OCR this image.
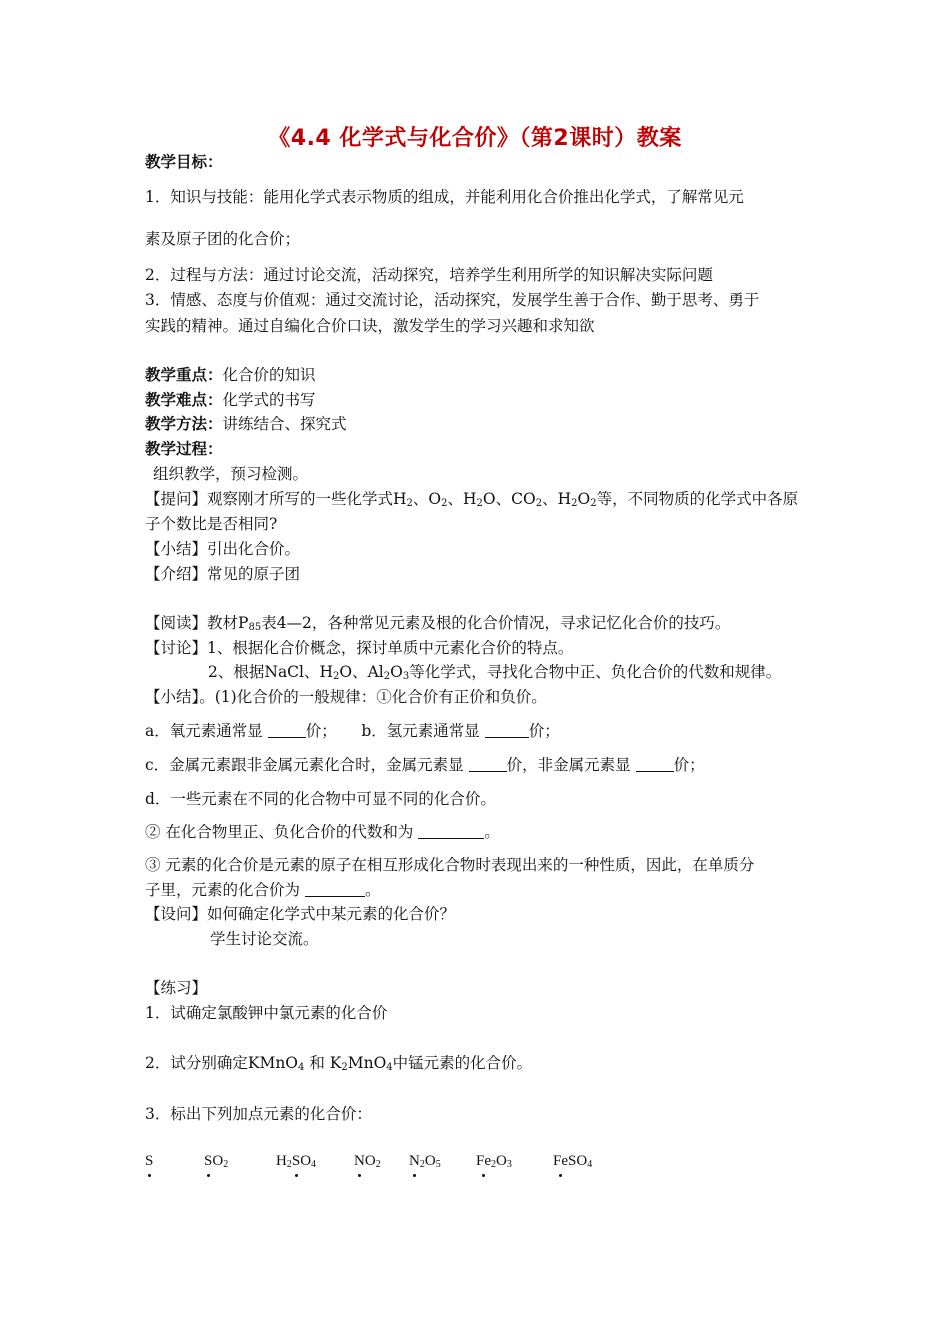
《4.4 化学式与化合价》（第2课时）教案
教学目标：
1．知识与技能：能用化学式表示物质的组成，并能利用化合价推出化学式，了解常见元
素及原子团的化合价；
2．过程与方法：通过讨论交流，活动探究，培养学生利用所学的知识解决实际问题
3．情感、态度与价值观：通过交流讨论，活动探究，发展学生善于合作、勤于思考、勇于
实践的精神。通过自编化合价口诀，激发学生的学习兴趣和求知欲
教学重点：化合价的知识
教学难点：化学式的书写
教学方法：讲练结合、探究式
教学过程：
组织教学，预习检测。
【提问】观察刚才所写的一些化学式$H_2$、$O_2$、$H_2O$、$CO_2$、$H_2O_2$等，不同物质的化学式中各原
子个数比是否相同?
【小结】引出化合价。
【介绍】常见的原子团
【阅读】教材$P_{85}$表4—2，各种常见元素及根的化合价情况，寻求记忆化合价的技巧。
【讨论】1、根据化合价概念，探讨单质中元素化合价的特点。
2、根据NaCl、$H_2O$、$Al_2O_3$等化学式，寻找化合物中正、负化合价的代数和规律。
【小结】。(1)化合价的一般规律：①化合价有正价和负价。
a．氧元素通常显	价； b．氢元素通常显	价；
c．金属元素跟非金属元素化合时，金属元素显	价，非金属元素显	价；
d．一些元素在不同的化合物中可显不同的化合价。
② 在化合物里正、负化合价的代数和为	。
③ 元素的化合价是元素的原子在相互形成化合物时表现出来的一种性质，因此，在单质分
子里，元素的化合价为	。
【设问】如何确定化学式中某元素的化合价？
学生讨论交流。
【练习】
1．试确定氯酸钾中氯元素的化合价
2．试分别确定KMnO$_4$ 和 $K_2MnO_4$中锰元素的化合价。
3．标出下列加点元素的化合价：
S	$SO_2$	$H_2SO_4$	$NO_2$ $N_2O_5$ $Fe_2O_3$	FeSO$_4$
